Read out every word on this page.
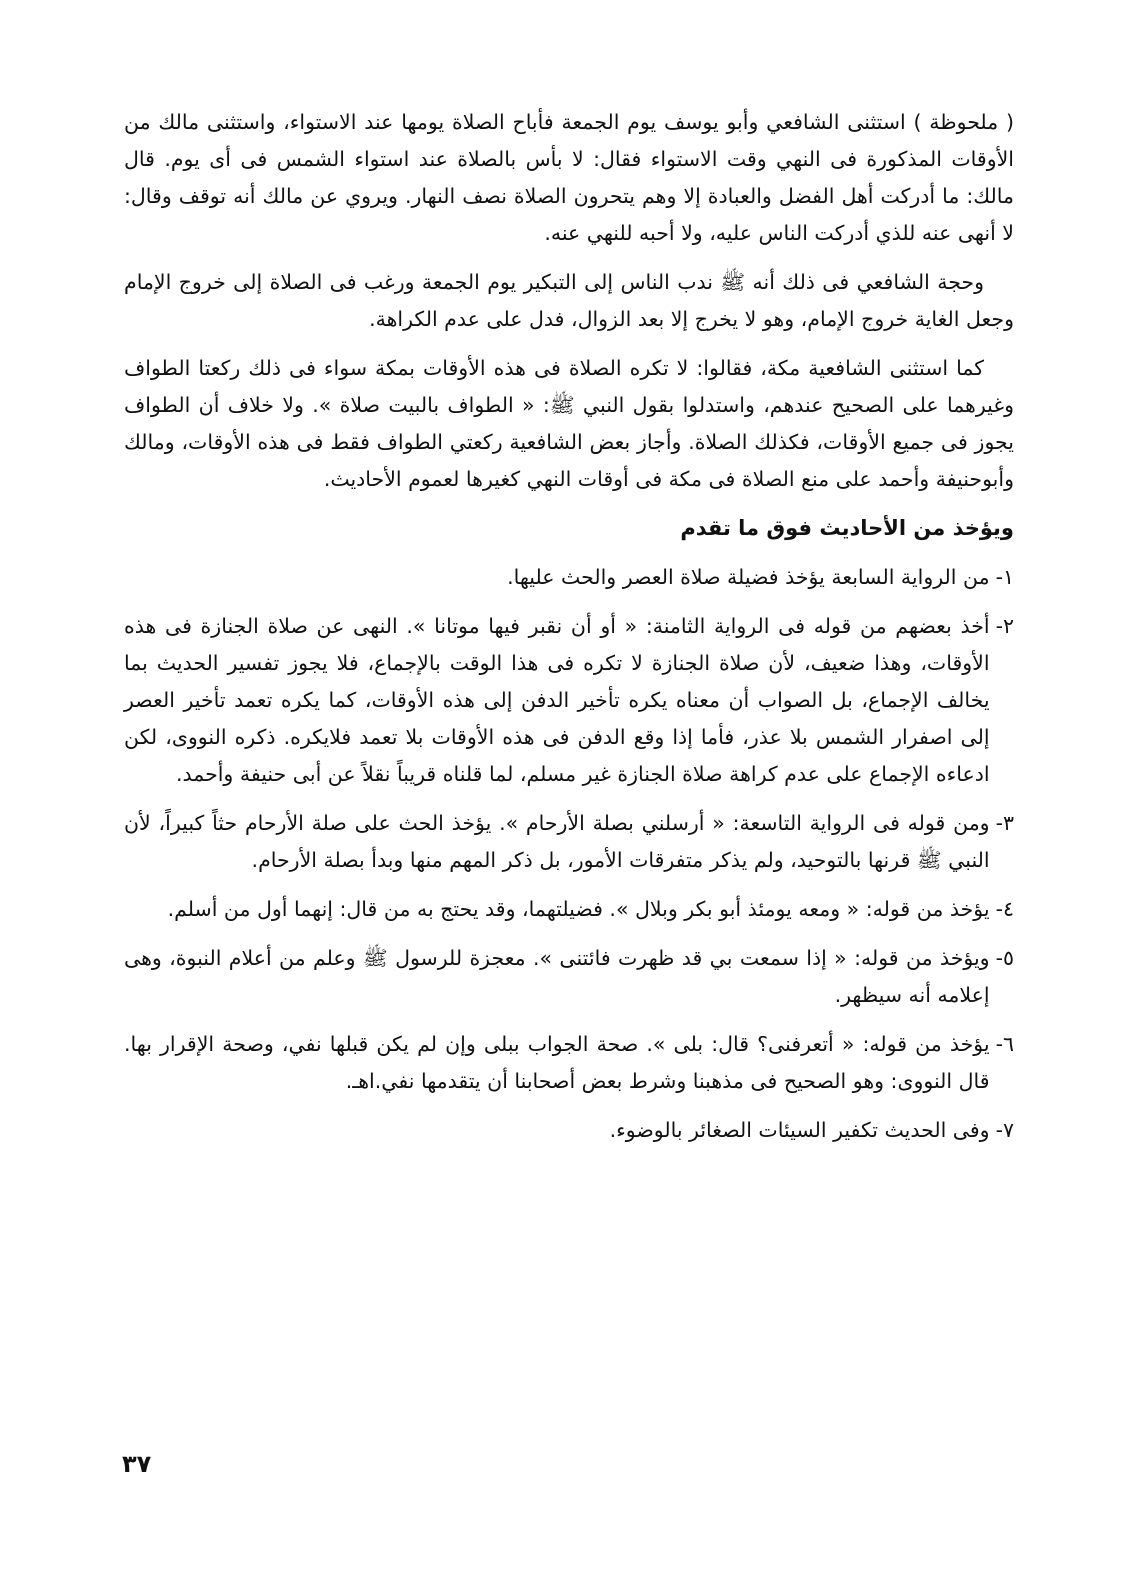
( ملحوظة ) استثنى الشافعي وأبو يوسف يوم الجمعة فأباح الصلاة يومها عند الاستواء، واستثنى مالك من الأوقات المذكورة فى النهي وقت الاستواء فقال: لا بأس بالصلاة عند استواء الشمس فى أى يوم. قال مالك: ما أدركت أهل الفضل والعبادة إلا وهم يتحرون الصلاة نصف النهار. ويروي عن مالك أنه توقف وقال: لا أنهى عنه للذي أدركت الناس عليه، ولا أحبه للنهي عنه.

وحجة الشافعي فى ذلك أنه ﷺ ندب الناس إلى التبكير يوم الجمعة ورغب فى الصلاة إلى خروج الإمام وجعل الغاية خروج الإمام، وهو لا يخرج إلا بعد الزوال، فدل على عدم الكراهة.

كما استثنى الشافعية مكة، فقالوا: لا تكره الصلاة فى هذه الأوقات بمكة سواء فى ذلك ركعتا الطواف وغيرهما على الصحيح عندهم، واستدلوا بقول النبي ﷺ: « الطواف بالبيت صلاة ». ولا خلاف أن الطواف يجوز فى جميع الأوقات، فكذلك الصلاة. وأجاز بعض الشافعية ركعتي الطواف فقط فى هذه الأوقات، ومالك وأبوحنيفة وأحمد على منع الصلاة فى مكة فى أوقات النهي كغيرها لعموم الأحاديث.

ويؤخذ من الأحاديث فوق ما تقدم
١-
من الرواية السابعة يؤخذ فضيلة صلاة العصر والحث عليها.
٢-
أخذ بعضهم من قوله فى الرواية الثامنة: « أو أن نقبر فيها موتانا ». النهى عن صلاة الجنازة فى هذه الأوقات، وهذا ضعيف، لأن صلاة الجنازة لا تكره فى هذا الوقت بالإجماع، فلا يجوز تفسير الحديث بما يخالف الإجماع، بل الصواب أن معناه يكره تأخير الدفن إلى هذه الأوقات، كما يكره تعمد تأخير العصر إلى اصفرار الشمس بلا عذر، فأما إذا وقع الدفن فى هذه الأوقات بلا تعمد فلايكره. ذكره النووى، لكن ادعاءه الإجماع على عدم كراهة صلاة الجنازة غير مسلم، لما قلناه قريباً نقلاً عن أبى حنيفة وأحمد.
٣-
ومن قوله فى الرواية التاسعة: « أرسلني بصلة الأرحام ». يؤخذ الحث على صلة الأرحام حثاً كبيراً، لأن النبي ﷺ قرنها بالتوحيد، ولم يذكر متفرقات الأمور، بل ذكر المهم منها وبدأ بصلة الأرحام.
٤-
يؤخذ من قوله: « ومعه يومئذ أبو بكر وبلال ». فضيلتهما، وقد يحتج به من قال: إنهما أول من أسلم.
٥-
ويؤخذ من قوله: « إذا سمعت بي قد ظهرت فائتنى ». معجزة للرسول ﷺ وعلم من أعلام النبوة، وهى إعلامه أنه سيظهر.
٦-
يؤخذ من قوله: « أتعرفنى؟ قال: بلى ». صحة الجواب ببلى وإن لم يكن قبلها نفي، وصحة الإقرار بها. قال النووى: وهو الصحيح فى مذهبنا وشرط بعض أصحابنا أن يتقدمها نفي.اهـ.
٧-
وفى الحديث تكفير السيئات الصغائر بالوضوء.
٣٧
